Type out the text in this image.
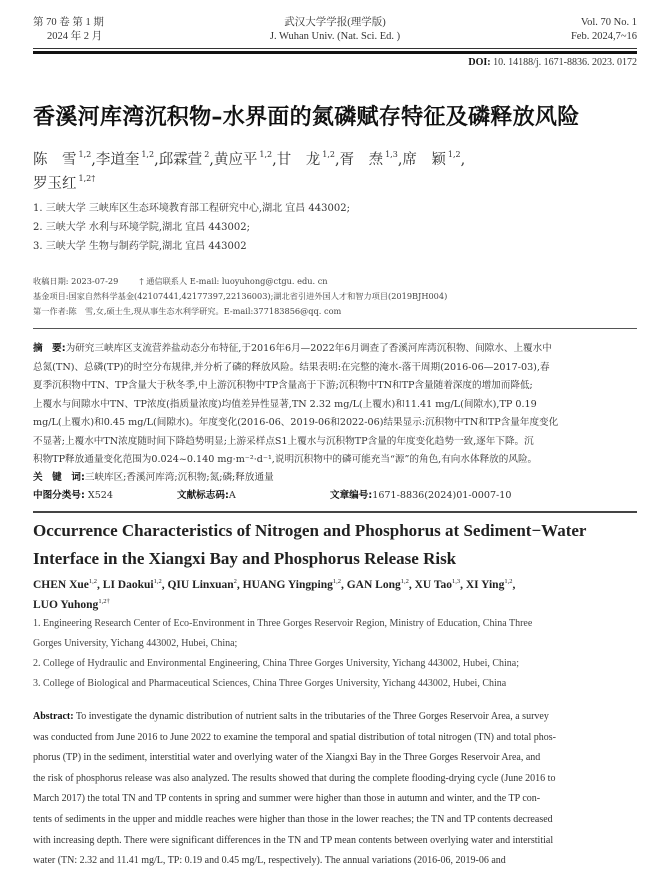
第 70 卷 第 1 期
2024 年 2 月
武汉大学学报(理学版)
J. Wuhan Univ. (Nat. Sci. Ed. )
Vol. 70 No. 1
Feb. 2024,7~16
DOI: 10. 14188/j. 1671-8836. 2023. 0172
香溪河库湾沉积物–水界面的氮磷赋存特征及磷释放风险
陈　雪 $^{1,2}$,李道奎 $^{1,2}$,邱霖萱 $^2$,黄应平 $^{1,2}$,甘　龙 $^{1,2}$,胥　焘 $^{1,3}$,席　颖 $^{1,2}$,
罗玉红 $^{1,2\dagger}$
1. 三峡大学 三峡库区生态环境教育部工程研究中心,湖北 宜昌 443002;
2. 三峡大学 水利与环境学院,湖北 宜昌 443002;
3. 三峡大学 生物与制药学院,湖北 宜昌 443002
收稿日期: 2023-07-29	† 通信联系人 E-mail: luoyuhong@ctgu. edu. cn
基金项目:国家自然科学基金(42107441,42177397,22136003);湖北省引进外国人才和智力项目(2019BJH004)
第一作者:陈　雪,女,硕士生,现从事生态水利学研究。E-mail:377183856@qq. com
摘　要:为研究三峡库区支流营养盐动态分布特征,于2016年6月—2022年6月调查了香溪河库湾沉积物、间隙水、上覆水中
总氮(TN)、总磷(TP)的时空分布规律,并分析了磷的释放风险。结果表明:在完整的淹水-落干周期(2016-06—2017-03),春
夏季沉积物中TN、TP含量大于秋冬季,中上游沉积物中TP含量高于下游;沉积物中TN和TP含量随着深度的增加而降低;
上覆水与间隙水中TN、TP浓度(指质量浓度)均值差异性显著,TN 2.32 mg/L(上覆水)和11.41 mg/L(间隙水),TP 0.19
mg/L(上覆水)和0.45 mg/L(间隙水)。年度变化(2016-06、2019-06和2022-06)结果显示:沉积物中TN和TP含量年度变化
不显著;上覆水中TN浓度随时间下降趋势明显;上游采样点S1上覆水与沉积物TP含量的年度变化趋势一致,逐年下降。沉
积物TP释放通量变化范围为0.024~0.140 mg·m⁻²·d⁻¹,说明沉积物中的磷可能充当“源”的角色,有向水体释放的风险。
关　键　词:三峡库区;香溪河库湾;沉积物;氮;磷;释放通量
中图分类号: X524	文献标志码:A	文章编号:1671-8836(2024)01-0007-10
Occurrence Characteristics of Nitrogen and Phosphorus at Sediment−Water
Interface in the Xiangxi Bay and Phosphorus Release Risk
CHEN Xue$^{1,2}$, LI Daokui$^{1,2}$, QIU Linxuan$^2$, HUANG Yingping$^{1,2}$, GAN Long$^{1,2}$, XU Tao$^{1,3}$, XI Ying$^{1,2}$,
LUO Yuhong$^{1,2\dagger}$
1. Engineering Research Center of Eco-Environment in Three Gorges Reservoir Region, Ministry of Education, China Three
Gorges University, Yichang 443002, Hubei, China;
2. College of Hydraulic and Environmental Engineering, China Three Gorges University, Yichang 443002, Hubei, China;
3. College of Biological and Pharmaceutical Sciences, China Three Gorges University, Yichang 443002, Hubei, China
Abstract: To investigate the dynamic distribution of nutrient salts in the tributaries of the Three Gorges Reservoir Area, a survey
was conducted from June 2016 to June 2022 to examine the temporal and spatial distribution of total nitrogen (TN) and total phos-
phorus (TP) in the sediment, interstitial water and overlying water of the Xiangxi Bay in the Three Gorges Reservoir Area, and
the risk of phosphorus release was also analyzed. The results showed that during the complete flooding-drying cycle (June 2016 to
March 2017) the total TN and TP contents in spring and summer were higher than those in autumn and winter, and the TP con-
tents of sediments in the upper and middle reaches were higher than those in the lower reaches; the TN and TP contents decreased
with increasing depth. There were significant differences in the TN and TP mean contents between overlying water and interstitial
water (TN: 2.32 and 11.41 mg/L, TP: 0.19 and 0.45 mg/L, respectively). The annual variations (2016-06, 2019-06 and
